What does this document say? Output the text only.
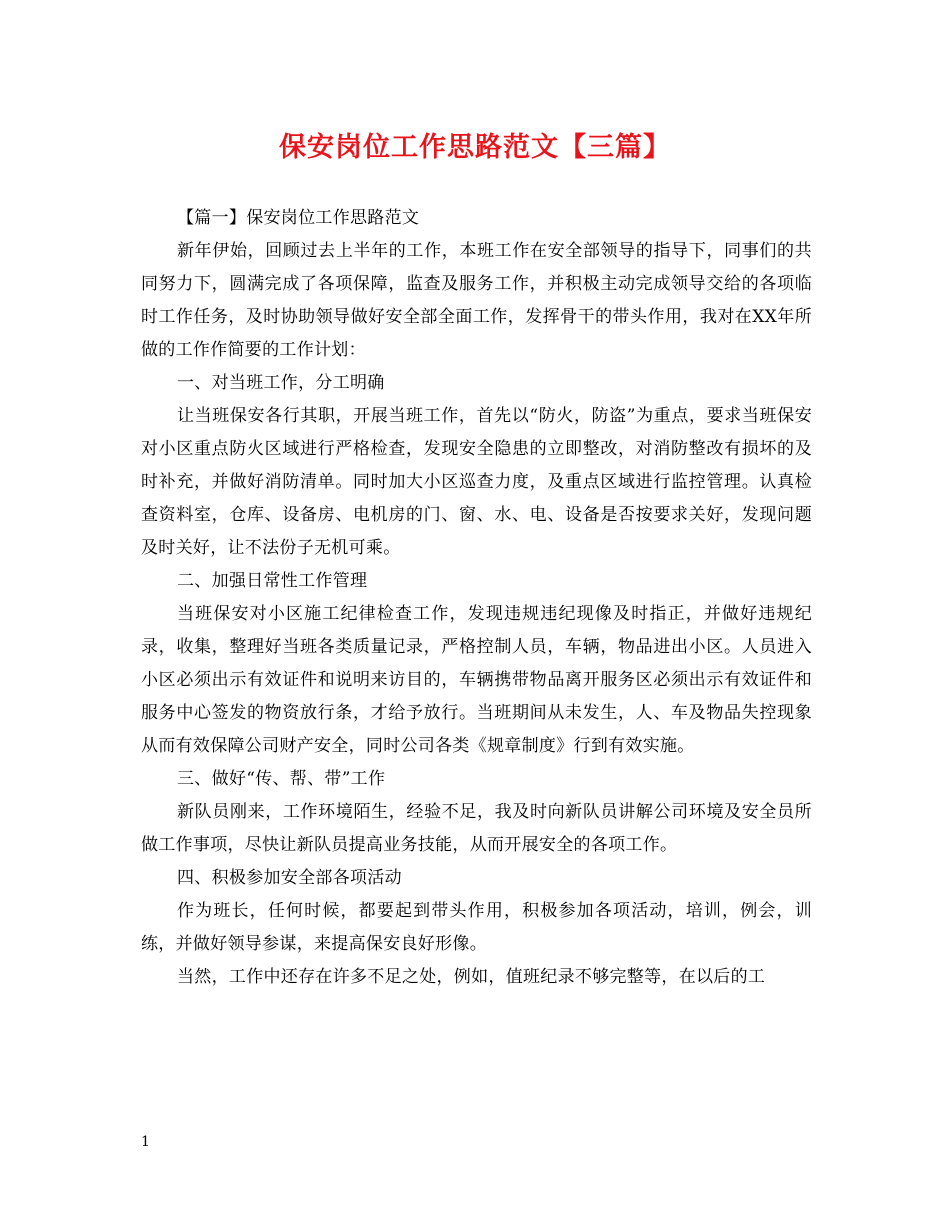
保安岗位工作思路范文【三篇】

【篇一】保安岗位工作思路范文

新年伊始，回顾过去上半年的工作，本班工作在安全部领导的指导下，同事们的共同努力下，圆满完成了各项保障，监查及服务工作，并积极主动完成领导交给的各项临时工作任务，及时协助领导做好安全部全面工作，发挥骨干的带头作用，我对在XX年所做的工作作简要的工作计划：

一、对当班工作，分工明确

让当班保安各行其职，开展当班工作，首先以“防火，防盗”为重点，要求当班保安对小区重点防火区域进行严格检查，发现安全隐患的立即整改，对消防整改有损坏的及时补充，并做好消防清单。同时加大小区巡查力度，及重点区域进行监控管理。认真检查资料室，仓库、设备房、电机房的门、窗、水、电、设备是否按要求关好，发现问题及时关好，让不法份子无机可乘。

二、加强日常性工作管理

当班保安对小区施工纪律检查工作，发现违规违纪现像及时指正，并做好违规纪录，收集，整理好当班各类质量记录，严格控制人员，车辆，物品进出小区。人员进入小区必须出示有效证件和说明来访目的，车辆携带物品离开服务区必须出示有效证件和服务中心签发的物资放行条，才给予放行。当班期间从未发生，人、车及物品失控现象从而有效保障公司财产安全，同时公司各类《规章制度》行到有效实施。

三、做好“传、帮、带”工作

新队员刚来，工作环境陌生，经验不足，我及时向新队员讲解公司环境及安全员所做工作事项，尽快让新队员提高业务技能，从而开展安全的各项工作。

四、积极参加安全部各项活动

作为班长，任何时候，都要起到带头作用，积极参加各项活动，培训，例会，训练，并做好领导参谋，来提高保安良好形像。

当然，工作中还存在许多不足之处，例如，值班纪录不够完整等，在以后的工

1
